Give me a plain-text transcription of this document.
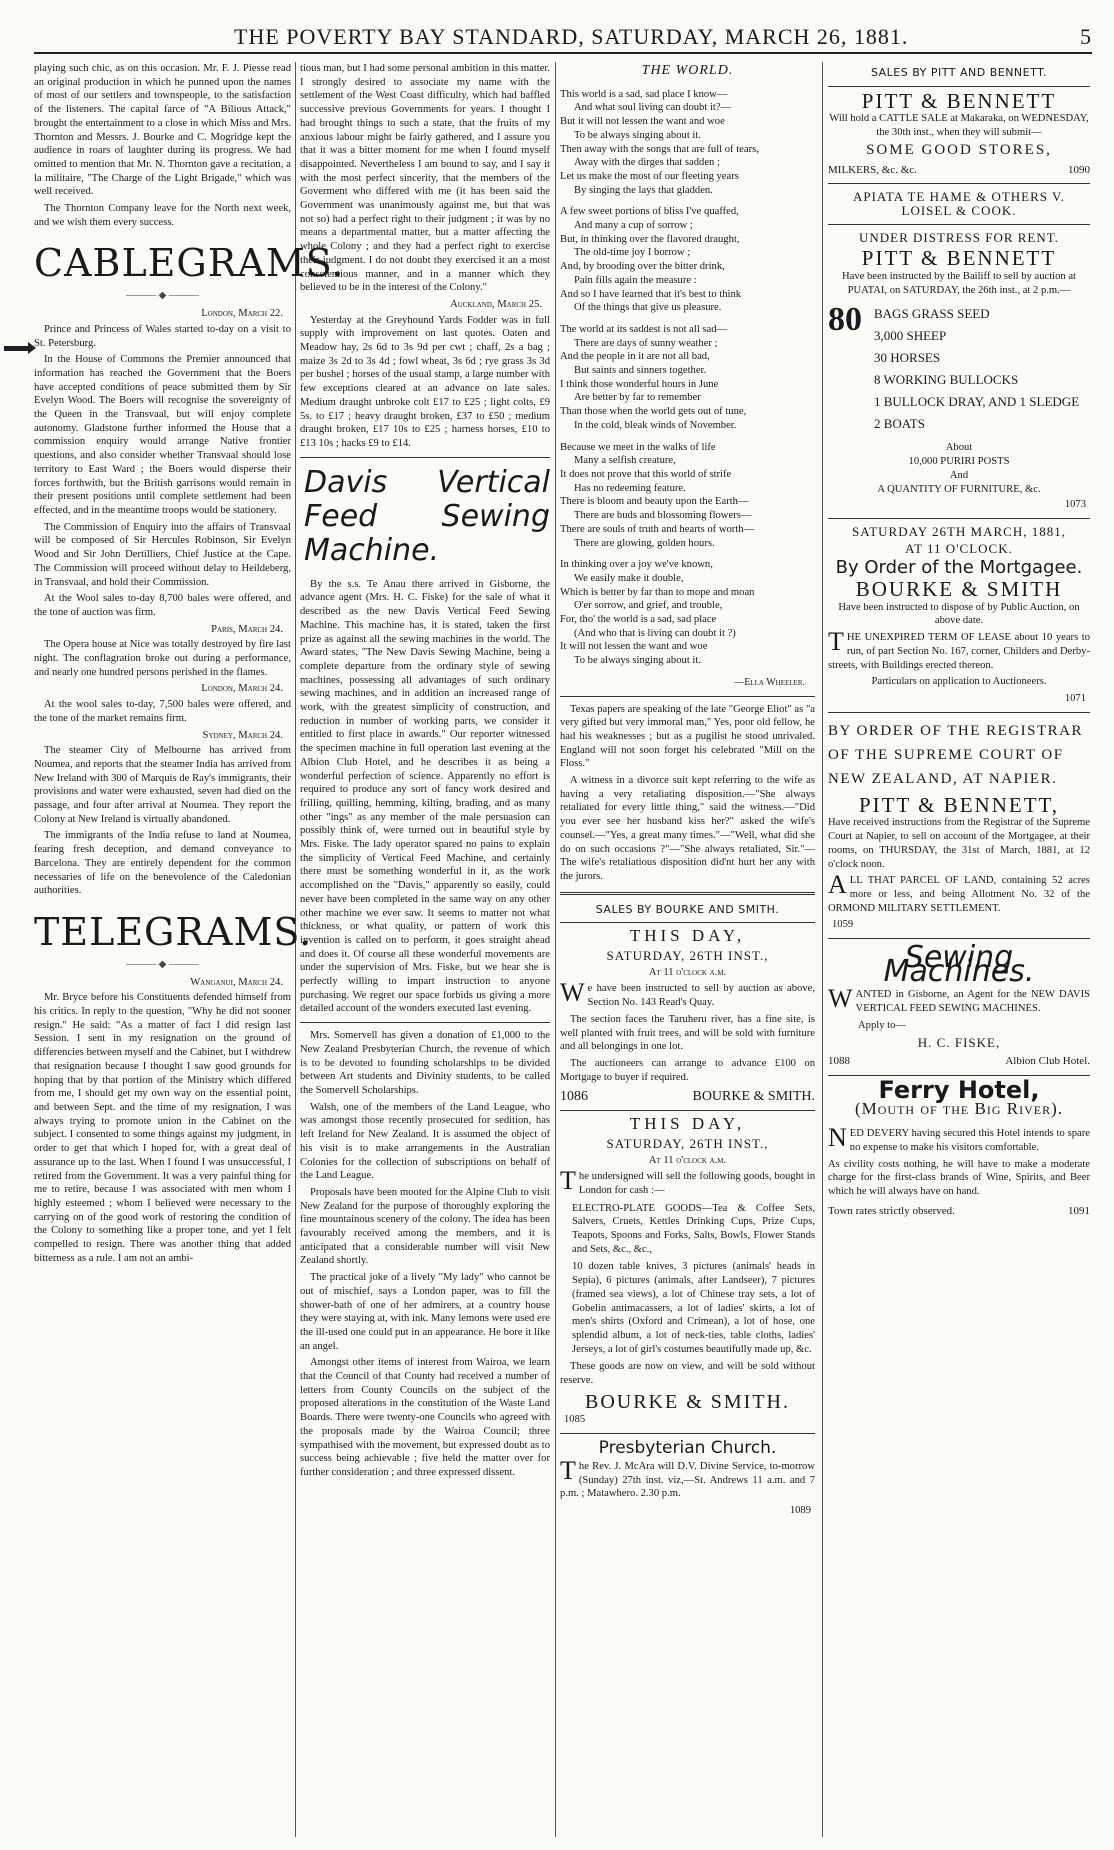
THE POVERTY BAY STANDARD, SATURDAY, MARCH 26, 1881.	5

playing such chic, as on this occasion. Mr. F. J. Piesse read an original production in which he punned upon the names of most of our settlers and townspeople, to the satisfaction of the listeners. The capital farce of "A Bilious Attack," brought the entertainment to a close in which Miss and Mrs. Thornton and Messrs. J. Bourke and C. Mogridge kept the audience in roars of laughter during its progress. We had omitted to mention that Mr. N. Thornton gave a recitation, a la militaire, "The Charge of the Light Brigade," which was well received.

The Thornton Company leave for the North next week, and we wish them every success.

CABLEGRAMS.
——— ◆ ———
London, March 22.

Prince and Princess of Wales started to-day on a visit to St. Petersburg.

In the House of Commons the Premier announced that information has reached the Government that the Boers have accepted conditions of peace submitted them by Sir Evelyn Wood. The Boers will recognise the sovereignty of the Queen in the Transvaal, but will enjoy complete autonomy. Gladstone further informed the House that a commission enquiry would arrange Native frontier questions, and also consider whether Transvaal should lose territory to East Ward ; the Boers would disperse their forces forthwith, but the British garrisons would remain in their present positions until complete settlement had been effected, and in the meantime troops would be stationery.

The Commission of Enquiry into the affairs of Transvaal will be composed of Sir Hercules Robinson, Sir Evelyn Wood and Sir John Dertilliers, Chief Justice at the Cape. The Commission will proceed without delay to Heildeberg, in Transvaal, and hold their Commission.

At the Wool sales to-day 8,700 bales were offered, and the tone of auction was firm.

Paris, March 24.

The Opera house at Nice was totally destroyed by fire last night. The conflagration broke out during a performance, and nearly one hundred persons perished in the flames.

London, March 24.

At the wool sales to-day, 7,500 bales were offered, and the tone of the market remains firm.

Sydney, March 24.

The steamer City of Melbourne has arrived from Noumea, and reports that the steamer India has arrived from New Ireland with 300 of Marquis de Ray's immigrants, their provisions and water were exhausted, seven had died on the passage, and four after arrival at Noumea. They report the Colony at New Ireland is virtually abandoned.

The immigrants of the India refuse to land at Noumea, fearing fresh deception, and demand conveyance to Barcelona. They are entirely dependent for the common necessaries of life on the benevolence of the Caledonian authorities.

TELEGRAMS.
——— ◆ ———
Wanganui, March 24.

Mr. Bryce before his Constituents defended himself from his critics. In reply to the question, "Why he did not sooner resign." He said: "As a matter of fact I did resign last Session. I sent in my resignation on the ground of differencies between myself and the Cabinet, but I withdrew that resignation because I thought I saw good grounds for hoping that by that portion of the Ministry which differed from me, I should get my own way on the essential point, and between Sept. and the time of my resignation, I was always trying to promote union in the Cabinet on the subject. I consented to some things against my judgment, in order to get that which I hoped for, with a great deal of assurance up to the last. When I found I was unsuccessful, I retired from the Government. It was a very painful thing for me to retire, because I was associated with men whom I highly esteemed ; whom I believed were necessary to the carrying on of the good work of restoring the condition of the Colony to something like a proper tone, and yet I felt compelled to resign. There was another thing that added bitterness as a rule. I am not an ambi-

tious man, but I had some personal ambition in this matter. I strongly desired to associate my name with the settlement of the West Coast difficulty, which had baffled successive previous Governments for years. I thought I had brought things to such a state, that the fruits of my anxious labour might be fairly gathered, and I assure you that it was a bitter moment for me when I found myself disappointed. Nevertheless I am bound to say, and I say it with the most perfect sincerity, that the members of the Goverment who differed with me (it has been said the Government was unanimously against me, but that was not so) had a perfect right to their judgment ; it was by no means a departmental matter, but a matter affecting the whole Colony ; and they had a perfect right to exercise their judgment. I do not doubt they exercised it an a most conscientious manner, and in a manner which they believed to be in the interest of the Colony."

Auckland, March 25.

Yesterday at the Greyhound Yards Fodder was in full supply with improvement on last quotes. Oaten and Meadow hay, 2s 6d to 3s 9d per cwt ; chaff, 2s a bag ; maize 3s 2d to 3s 4d ; fowl wheat, 3s 6d ; rye grass 3s 3d per bushel ; horses of the usual stamp, a large number with few exceptions cleared at an advance on late sales. Medium draught unbroke colt £17 to £25 ; light colts, £9 5s. to £17 ; heavy draught broken, £37 to £50 ; medium draught broken, £17 10s to £25 ; harness horses, £10 to £13 10s ; hacks £9 to £14.

Davis Vertical Feed Sewing Machine.

By the s.s. Te Anau there arrived in Gisborne, the advance agent (Mrs. H. C. Fiske) for the sale of what it described as the new Davis Vertical Feed Sewing Machine. This machine has, it is stated, taken the first prize as against all the sewing machines in the world. The Award states, "The New Davis Sewing Machine, being a complete departure from the ordinary style of sewing machines, possessing all advantages of such ordinary sewing machines, and in addition an increased range of work, with the greatest simplicity of construction, and reduction in number of working parts, we consider it entitled to first place in awards." Our reporter witnessed the specimen machine in full operation last evening at the Albion Club Hotel, and he describes it as being a wonderful perfection of science. Apparently no effort is required to produce any sort of fancy work desired and frilling, quilling, hemming, kilting, brading, and as many other "ings" as any member of the male persuasion can possibly think of, were turned out in beautiful style by Mrs. Fiske. The lady operator spared no pains to explain the simplicity of Vertical Feed Machine, and certainly there must be something wonderful in it, as the work accomplished on the "Davis," apparently so easily, could never have been completed in the same way on any other other machine we ever saw. It seems to matter not what thickness, or what quality, or pattern of work this invention is called on to perform, it goes straight ahead and does it. Of course all these wonderful movements are under the supervision of Mrs. Fiske, but we hear she is perfectly willing to impart instruction to anyone purchasing. We regret our space forbids us giving a more detailed account of the wonders executed last evening.

Mrs. Somervell has given a donation of £1,000 to the New Zealand Presbyterian Church, the revenue of which is to be devoted to founding scholarships to be divided between Art students and Divinity students, to be called the Somervell Scholarships.

Walsh, one of the members of the Land League, who was amongst those recently prosecuted for sedition, has left Ireland for New Zealand. It is assumed the object of his visit is to make arrangements in the Australian Colonies for the collection of subscriptions on behalf of the Land League.

Proposals have been mooted for the Alpine Club to visit New Zealand for the purpose of thoroughly exploring the fine mountainous scenery of the colony. The idea has been favourably received among the members, and it is anticipated that a considerable number will visit New Zealand shortly.

The practical joke of a lively "My lady" who cannot be out of mischief, says a London paper, was to fill the shower-bath of one of her admirers, at a country house they were staying at, with ink. Many lemons were used ere the ill-used one could put in an appearance. He bore it like an angel.

Amongst other items of interest from Wairoa, we learn that the Council of that County had received a number of letters from County Councils on the subject of the proposed alterations in the constitution of the Waste Land Boards. There were twenty-one Councils who agreed with the proposals made by the Wairoa Council; three sympathised with the movement, but expressed doubt as to success being achievable ; five held the matter over for further consideration ; and three expressed dissent.

THE WORLD.

This world is a sad, sad place I know—

And what soul living can doubt it?—

But it will not lessen the want and woe

To be always singing about it.

Then away with the songs that are full of tears,

Away with the dirges that sadden ;

Let us make the most of our fleeting years

By singing the lays that gladden.

A few sweet portions of bliss I've quaffed,

And many a cup of sorrow ;

But, in thinking over the flavored draught,

The old-time joy I borrow ;

And, by brooding over the bitter drink,

Pain fills again the measure :

And so I have learned that it's best to think

Of the things that give us pleasure.

The world at its saddest is not all sad—

There are days of sunny weather ;

And the people in it are not all bad,

But saints and sinners together.

I think those wonderful hours in June

Are better by far to remember

Than those when the world gets out of tune,

In the cold, bleak winds of November.

Because we meet in the walks of life

Many a selfish creature,

It does not prove that this world of strife

Has no redeeming feature.

There is bloom and beauty upon the Earth—

There are buds and blossoming flowers—

There are souls of truth and hearts of worth—

There are glowing, golden hours.

In thinking over a joy we've known,

We easily make it double,

Which is better by far than to mope and moan

O'er sorrow, and grief, and trouble,

For, tho' the world is a sad, sad place

(And who that is living can doubt it ?)

It will not lessen the want and woe

To be always singing about it.

—Ella Wheeler.

Texas papers are speaking of the late "George Eliot" as "a very gifted but very immoral man," Yes, poor old fellow, he had his weaknesses ; but as a pugilist he stood unrivaled. England will not soon forget his celebrated "Mill on the Floss."

A witness in a divorce suit kept referring to the wife as having a very retaliating disposition.—"She always retaliated for every little thing," said the witness.—"Did you ever see her husband kiss her?" asked the wife's counsel.—"Yes, a great many times."—"Well, what did she do on such occasions ?"—"She always retaliated, Sir."—The wife's retaliatious disposition did'nt hurt her any with the jurors.

SALES BY BOURKE AND SMITH.
THIS DAY,
SATURDAY, 26TH INST.,
At 11 o'clock a.m.

We have been instructed to sell by auction as above, Section No. 143 Read's Quay.

The section faces the Taruheru river, has a fine site, is well planted with fruit trees, and will be sold with furniture and all belongings in one lot.

The auctioneers can arrange to advance £100 on Mortgage to buyer if required.

1086	BOURKE & SMITH.
THIS DAY,
SATURDAY, 26TH INST.,
At 11 o'clock a.m.

The undersigned will sell the following goods, bought in London for cash :—

ELECTRO-PLATE GOODS—Tea & Coffee Sets, Salvers, Cruets, Kettles Drinking Cups, Prize Cups, Teapots, Spoons and Forks, Salts, Bowls, Flower Stands and Sets, &c., &c.,

10 dozen table knives, 3 pictures (animals' heads in Sepia), 6 pictures (animals, after Landseer), 7 pictures (framed sea views), a lot of Chinese tray sets, a lot of Gobelin antimacassers, a lot of ladies' skirts, a lot of men's shirts (Oxford and Crimean), a lot of hose, one splendid album, a lot of neck-ties, table cloths, ladies' Jerseys, a lot of girl's costumes beautifully made up, &c.

These goods are now on view, and will be sold without reserve.

BOURKE & SMITH.
1085
Presbyterian Church.

The Rev. J. McAra will D.V. Divine Service, to-morrow (Sunday) 27th inst. viz,—St. Andrews 11 a.m. and 7 p.m. ; Matawhero. 2.30 p.m.

1089
SALES BY PITT AND BENNETT.
PITT & BENNETT

Will hold a CATTLE SALE at Makaraka, on WEDNESDAY, the 30th inst., when they will submit—

SOME GOOD STORES,
MILKERS, &c. &c.	1090
APIATA TE HAME & OTHERS V. LOISEL & COOK.
UNDER DISTRESS FOR RENT.
PITT & BENNETT

Have been instructed by the Bailiff to sell by auction at PUATAI, on SATURDAY, the 26th inst., at 2 p.m.—

80 BAGS GRASS SEED
3,000 SHEEP
30 HORSES
8 WORKING BULLOCKS
1 BULLOCK DRAY, AND 1 SLEDGE
2 BOATS
About
10,000 PURIRI POSTS
And
A QUANTITY OF FURNITURE, &c.
1073
SATURDAY 26TH MARCH, 1881,
AT 11 O'CLOCK.
By Order of the Mortgagee.
BOURKE & SMITH

Have been instructed to dispose of by Public Auction, on above date.

THE UNEXPIRED TERM OF LEASE about 10 years to run, of part Section No. 167, corner, Childers and Derby-streets, with Buildings erected thereon.

Particulars on application to Auctioneers.

1071
BY ORDER OF THE REGISTRAR OF THE SUPREME COURT OF NEW ZEALAND, AT NAPIER.
PITT & BENNETT,

Have received instructions from the Registrar of the Supreme Court at Napier, to sell on account of the Mortgagee, at their rooms, on THURSDAY, the 31st of March, 1881, at 12 o'clock noon.

ALL THAT PARCEL OF LAND, containing 52 acres more or less, and being Allotment No. 32 of the ORMOND MILITARY SETTLEMENT.

1059
Sewing Machines.

WANTED in Gisborne, an Agent for the NEW DAVIS VERTICAL FEED SEWING MACHINES.

Apply to—

H. C. FISKE,
1088	Albion Club Hotel.
Ferry Hotel,
(Mouth of the Big River).

NED DEVERY having secured this Hotel intends to spare no expense to make his visitors comfortable.

As civility costs nothing, he will have to make a moderate charge for the first-class brands of Wine, Spirits, and Beer which he will always have on hand.

Town rates strictly observed.	1091
